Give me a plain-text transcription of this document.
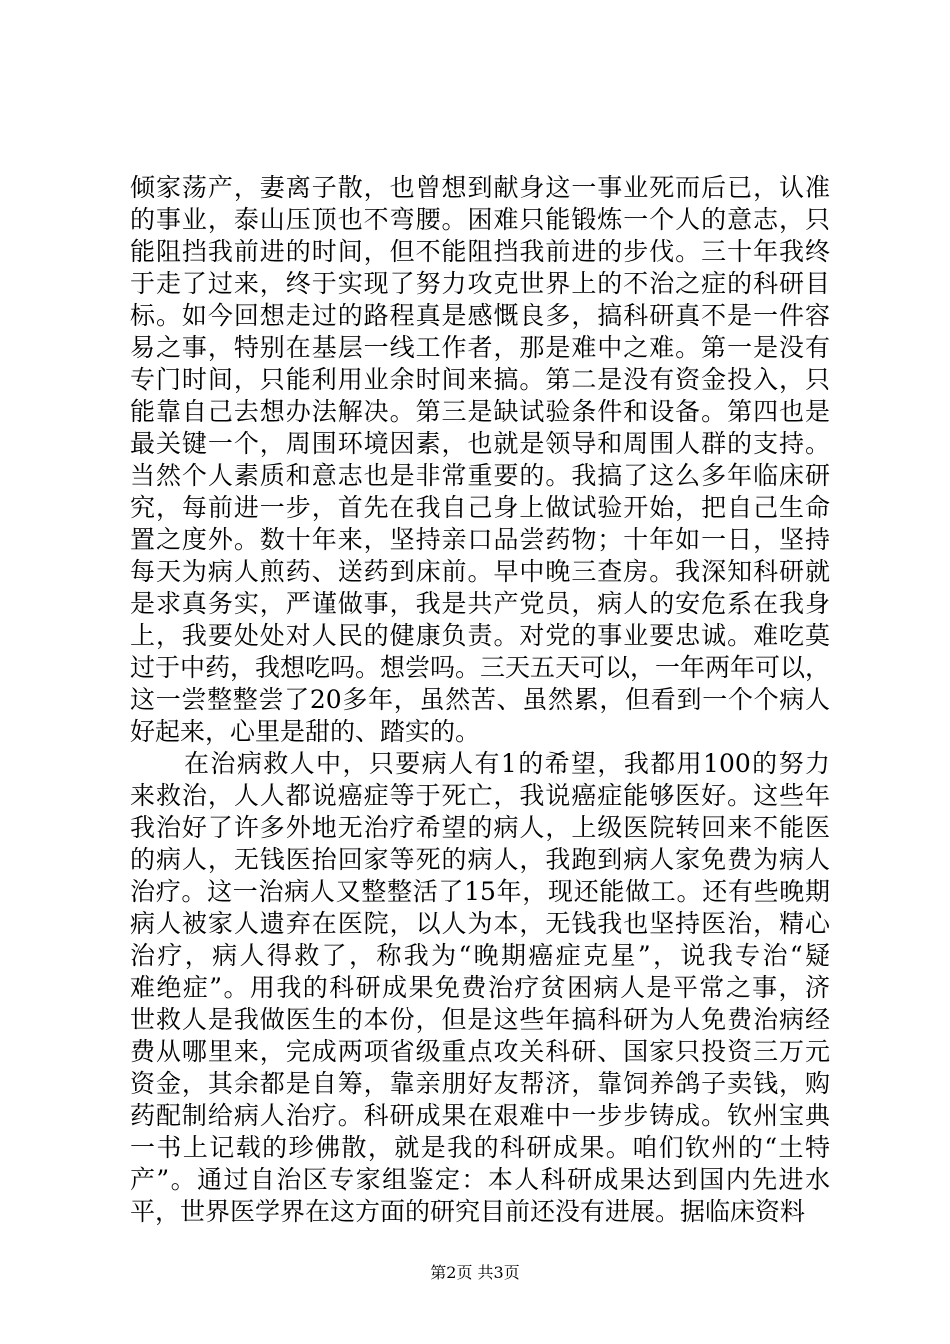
倾家荡产，妻离子散，也曾想到献身这一事业死而后已，认准
的事业，泰山压顶也不弯腰。困难只能锻炼一个人的意志，只
能阻挡我前进的时间，但不能阻挡我前进的步伐。三十年我终
于走了过来，终于实现了努力攻克世界上的不治之症的科研目
标。如今回想走过的路程真是感慨良多，搞科研真不是一件容
易之事，特别在基层一线工作者，那是难中之难。第一是没有
专门时间，只能利用业余时间来搞。第二是没有资金投入，只
能靠自己去想办法解决。第三是缺试验条件和设备。第四也是
最关键一个，周围环境因素，也就是领导和周围人群的支持。
当然个人素质和意志也是非常重要的。我搞了这么多年临床研
究，每前进一步，首先在我自己身上做试验开始，把自己生命
置之度外。数十年来，坚持亲口品尝药物；十年如一日，坚持
每天为病人煎药、送药到床前。早中晚三查房。我深知科研就
是求真务实，严谨做事，我是共产党员，病人的安危系在我身
上，我要处处对人民的健康负责。对党的事业要忠诚。难吃莫
过于中药，我想吃吗。想尝吗。三天五天可以，一年两年可以，
这一尝整整尝了20多年，虽然苦、虽然累，但看到一个个病人
好起来，心里是甜的、踏实的。
在治病救人中，只要病人有1的希望，我都用100的努力
来救治，人人都说癌症等于死亡，我说癌症能够医好。这些年
我治好了许多外地无治疗希望的病人，上级医院转回来不能医
的病人，无钱医抬回家等死的病人，我跑到病人家免费为病人
治疗。这一治病人又整整活了15年，现还能做工。还有些晚期
病人被家人遗弃在医院，以人为本，无钱我也坚持医治，精心
治疗，病人得救了，称我为“晚期癌症克星”，说我专治“疑
难绝症”。用我的科研成果免费治疗贫困病人是平常之事，济
世救人是我做医生的本份，但是这些年搞科研为人免费治病经
费从哪里来，完成两项省级重点攻关科研、国家只投资三万元
资金，其余都是自筹，靠亲朋好友帮济，靠饲养鸽子卖钱，购
药配制给病人治疗。科研成果在艰难中一步步铸成。钦州宝典
一书上记载的珍佛散，就是我的科研成果。咱们钦州的“土特
产”。通过自治区专家组鉴定：本人科研成果达到国内先进水
平，世界医学界在这方面的研究目前还没有进展。据临床资料
第2页 共3页
